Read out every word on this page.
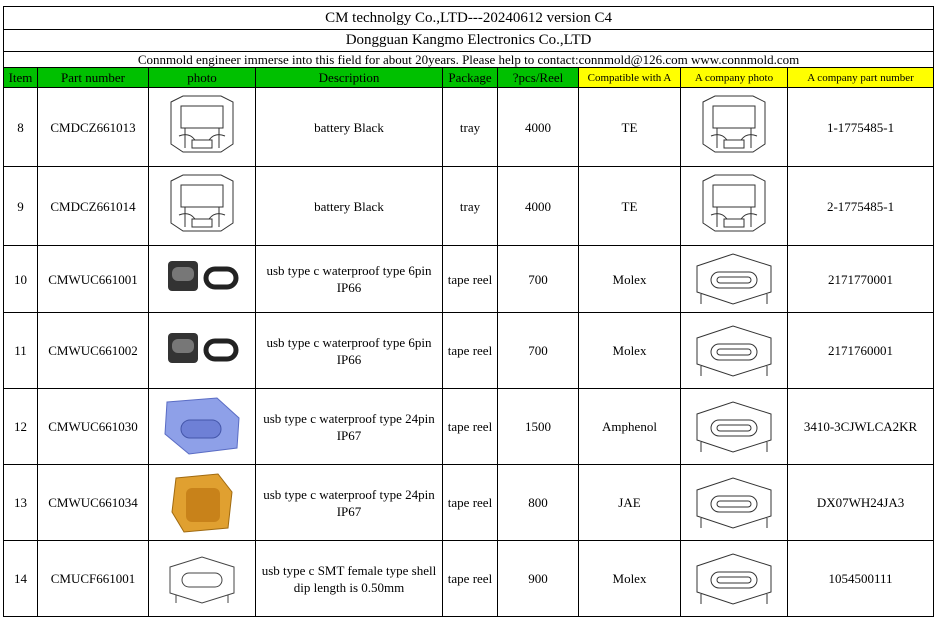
CM technolgy Co.,LTD---20240612 version C4								
Dongguan Kangmo Electronics Co.,LTD								
Connmold engineer immerse into this field for about 20years. Please help to contact:connmold@126.com www.connmold.com								
Item	Part number	photo	Description	Package	?pcs/Reel	Compatible with A	A company photo	A company part number
8	CMDCZ661013		battery Black	tray	4000	TE		1-1775485-1
9	CMDCZ661014		battery Black	tray	4000	TE		2-1775485-1
10	CMWUC661001		usb type c waterproof type 6pin IP66	tape reel	700	Molex		2171770001
11	CMWUC661002		usb type c waterproof type 6pin IP66	tape reel	700	Molex		2171760001
12	CMWUC661030		usb type c waterproof type 24pin IP67	tape reel	1500	Amphenol		3410-3CJWLCA2KR
13	CMWUC661034		usb type c waterproof type 24pin IP67	tape reel	800	JAE		DX07WH24JA3
14	CMUCF661001		usb type c SMT female type shell dip length is 0.50mm	tape reel	900	Molex		1054500111
